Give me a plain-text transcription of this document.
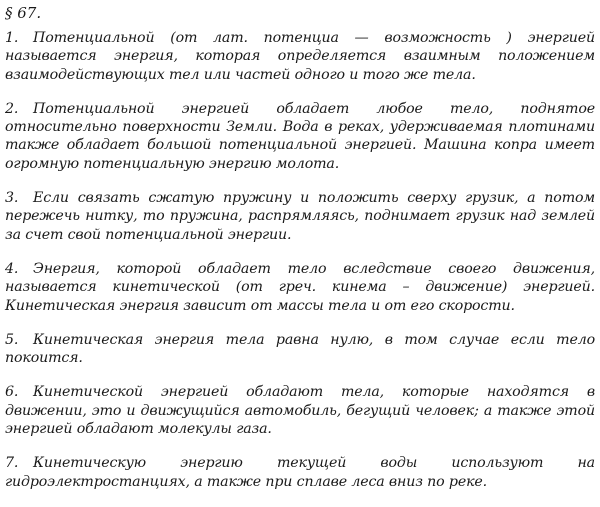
§ 67.

1. Потенциальной (от лат. потенциа — возможность ) энергией называется энергия, которая определяется взаимным положением взаимодействующих тел или частей одного и того же тела.

2. Потенциальной энергией обладает любое тело, поднятое относительно поверхности Земли. Вода в реках, удерживаемая плотинами также обладает большой потенциальной энергией. Машина копра имеет огромную потенциальную энергию молота.

3. Если связать сжатую пружину и положить сверху грузик, а потом пережечь нитку, то пружина, распрямляясь, поднимает грузик над землей за счет свой потенциальной энергии.

4. Энергия, которой обладает тело вследствие своего движения, называется кинетической (от греч. кинема – движение) энергией. Кинетическая энергия зависит от массы тела и от его скорости.

5. Кинетическая энергия тела равна нулю, в том случае если тело покоится.

6. Кинетической энергией обладают тела, которые находятся в движении, это и движущийся автомобиль, бегущий человек; а также этой энергией обладают молекулы газа.

7. Кинетическую энергию текущей воды используют на гидроэлектростанциях, а также при сплаве леса вниз по реке.
